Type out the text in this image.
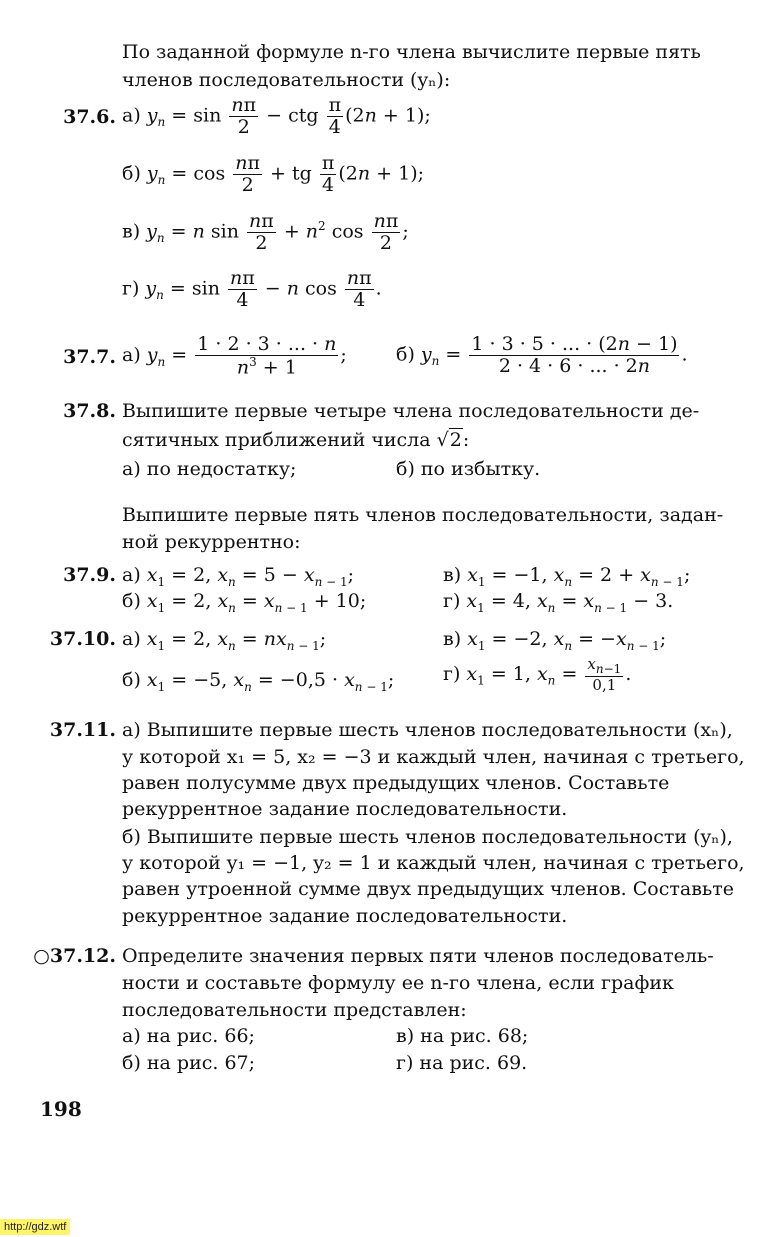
По заданной формуле n-го члена вычислите первые пять
членов последовательности (yₙ):
37.6. а) $y_n = \sin \frac{n\pi}{2}$ − ctg $\frac{\pi}{4} (2n + 1)$;
б) $y_n = \cos \frac{n\pi}{2}$ + tg $\frac{\pi}{4} (2n + 1)$;
в) $y_n = n$ $\sin \frac{n\pi}{2} + n^2$ $\cos \frac{n\pi}{2}$ ;
г) $y_n = \sin \frac{n\pi}{4} - n$ $\cos \frac{n\pi}{4}$ .
37.7. а) $y_n = \frac{1 \cdot 2 \cdot 3 \cdot ... \cdot n}{n^3 + 1}$ ;	б) $y_n = \frac{1 \cdot 3 \cdot 5 \cdot ... \cdot (2n - 1)}{2 \cdot 4 \cdot 6 \cdot ... \cdot 2n}$ .
37.8. Выпишите первые четыре члена последовательности де-
сятичных приближений числа √2:
а) по недостатку;	б) по избытку.
Выпишите первые пять членов последовательности, задан-
ной рекуррентно:
37.9. а) $x_1 = 2$, $x_n = 5 - x_{n - 1}$;	в) $x_1 = -1$, $x_n = 2 + x_{n - 1}$;
б) $x_1 = 2$, $x_n = x_{n - 1} + 10$;	г) $x_1 = 4$, $x_n = x_{n - 1} - 3$.
37.10. а) $x_1 = 2$, $x_n = nx_{n - 1}$;	в) $x_1 = -2$, $x_n = -x_{n - 1}$;
б) $x_1 = -5$, $x_n = -0,5 \cdot x_{n - 1}$;	г) $x_1 = 1$, $x_n = \frac{x_{n-1}}{0,1}$ .
37.11. а) Выпишите первые шесть членов последовательности (xₙ),
у которой x₁ = 5, x₂ = −3 и каждый член, начиная с третьего,
равен полусумме двух предыдущих членов. Составьте
рекуррентное задание последовательности.
б) Выпишите первые шесть членов последовательности (yₙ),
у которой y₁ = −1, y₂ = 1 и каждый член, начиная с третьего,
равен утроенной сумме двух предыдущих членов. Составьте
рекуррентное задание последовательности.
○37.12. Определите значения первых пяти членов последователь-
ности и составьте формулу ее n-го члена, если график
последовательности представлен:
а) на рис. 66;	в) на рис. 68;
б) на рис. 67;	г) на рис. 69.
198
http://gdz.wtf
